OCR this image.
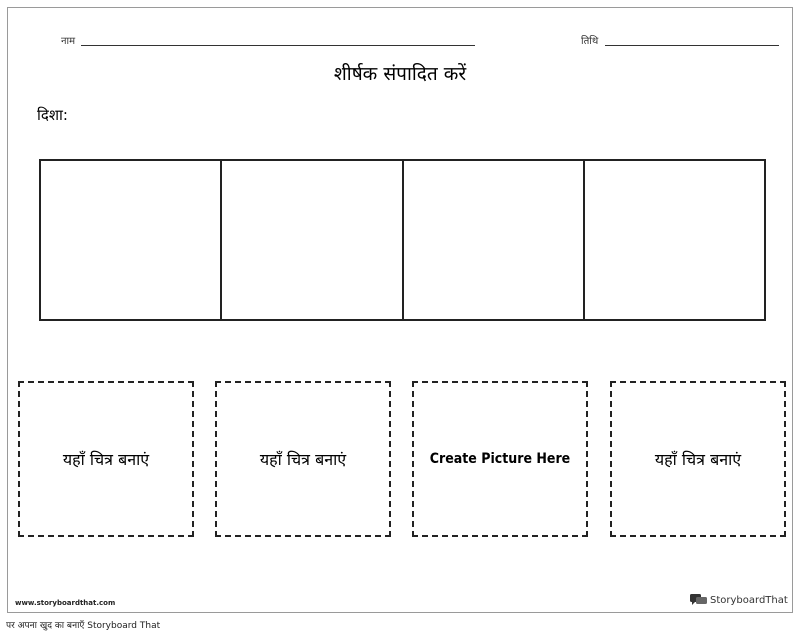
नाम	तिथि
शीर्षक संपादित करें
दिशा:
यहाँ चित्र बनाएं	यहाँ चित्र बनाएं	Create Picture Here	यहाँ चित्र बनाएं
www.storyboardthat.com	StoryboardThat
पर अपना खुद का बनाएँ Storyboard That
